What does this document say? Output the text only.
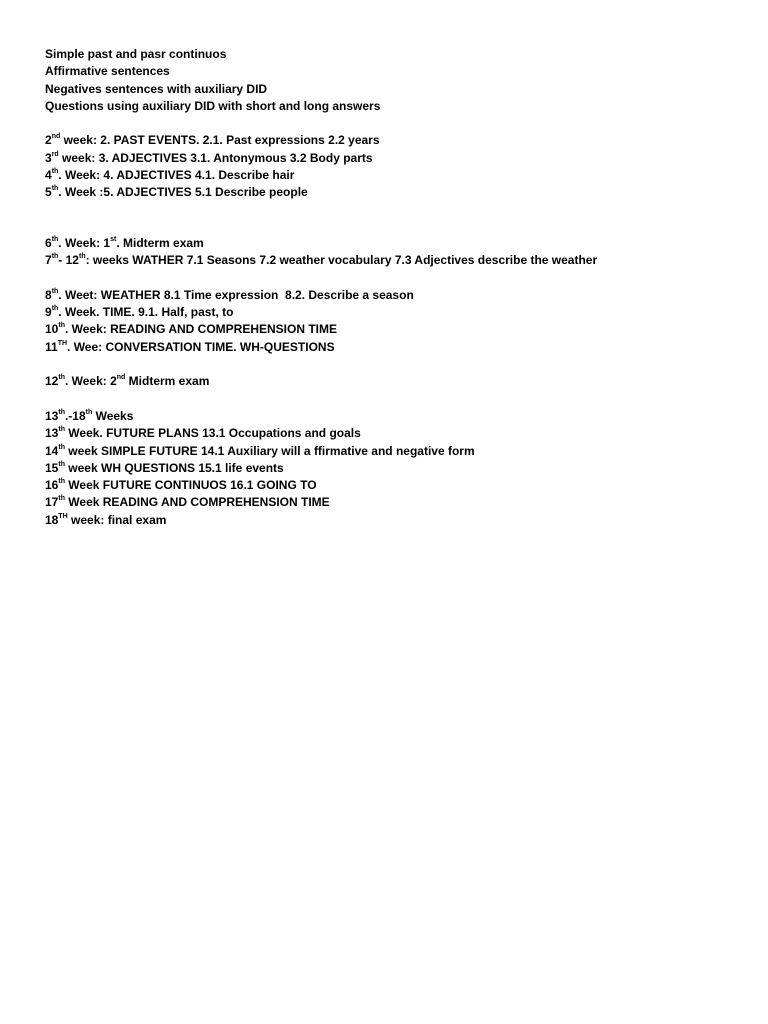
Simple past and pasr continuos
Affirmative sentences
Negatives sentences with auxiliary DID
Questions using auxiliary DID with short and long answers
2nd week: 2. PAST EVENTS. 2.1. Past expressions 2.2 years
3rd week: 3. ADJECTIVES 3.1. Antonymous 3.2 Body parts
4th. Week: 4. ADJECTIVES 4.1. Describe hair
5th. Week :5. ADJECTIVES 5.1 Describe people
6th. Week: 1st. Midterm exam
7th- 12th: weeks WATHER 7.1 Seasons 7.2 weather vocabulary 7.3 Adjectives describe the weather
8th. Weet: WEATHER 8.1 Time expression  8.2. Describe a season
9th. Week. TIME. 9.1. Half, past, to
10th. Week: READING AND COMPREHENSION TIME
11TH. Wee: CONVERSATION TIME. WH-QUESTIONS
12th. Week: 2nd Midterm exam
13th.-18th Weeks
13th Week. FUTURE PLANS 13.1 Occupations and goals
14th week SIMPLE FUTURE 14.1 Auxiliary will a ffirmative and negative form
15th week WH QUESTIONS 15.1 life events
16th Week FUTURE CONTINUOS 16.1 GOING TO
17th Week READING AND COMPREHENSION TIME
18TH week: final exam
